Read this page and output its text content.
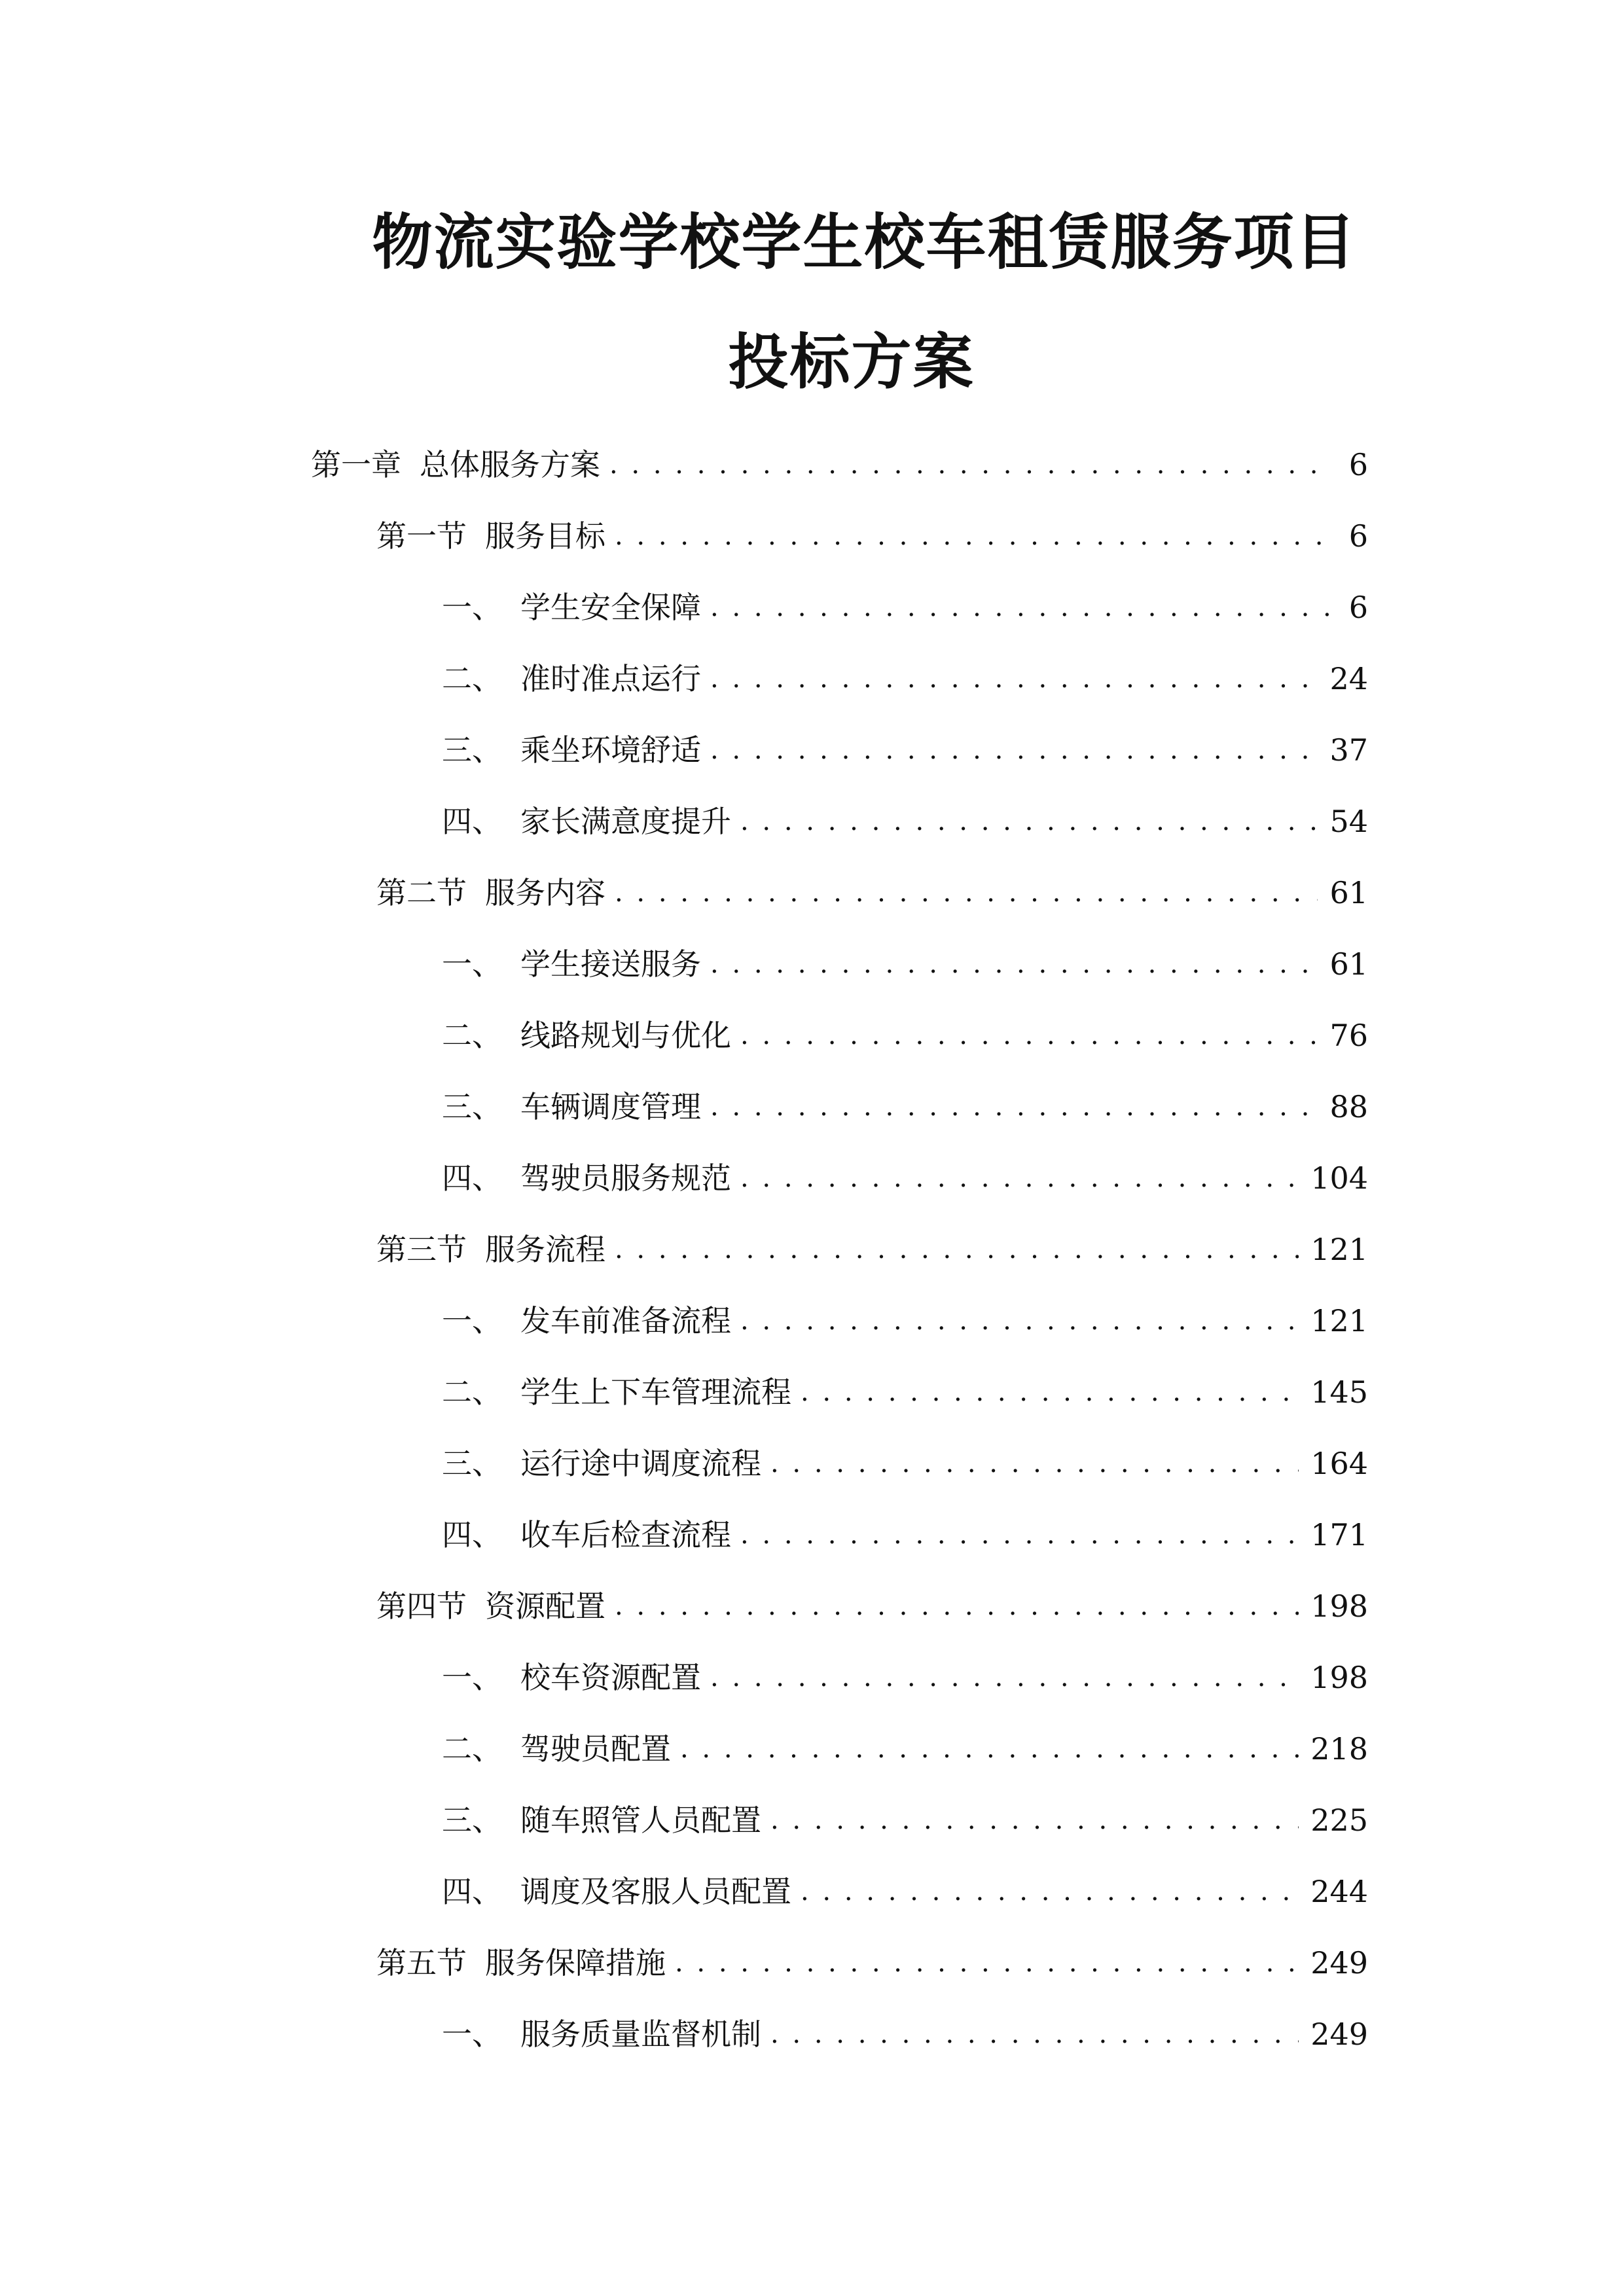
物流实验学校学生校车租赁服务项目
投标方案
第一章 总体服务方案 . . .	6
第一节 服务目标 . . .	6
一、 学生安全保障 . . .	6
二、 准时准点运行 . . .	24
三、 乘坐环境舒适 . . .	37
四、 家长满意度提升 . . .	54
第二节 服务内容 . . .	61
一、 学生接送服务 . . .	61
二、 线路规划与优化 . . .	76
三、 车辆调度管理 . . .	88
四、 驾驶员服务规范 . . .	104
第三节 服务流程 . . .	121
一、 发车前准备流程 . . .	121
二、 学生上下车管理流程 . . .	145
三、 运行途中调度流程 . . .	164
四、 收车后检查流程 . . .	171
第四节 资源配置 . . .	198
一、 校车资源配置 . . .	198
二、 驾驶员配置 . . .	218
三、 随车照管人员配置 . . .	225
四、 调度及客服人员配置 . . .	244
第五节 服务保障措施 . . .	249
一、 服务质量监督机制 . . .	249
